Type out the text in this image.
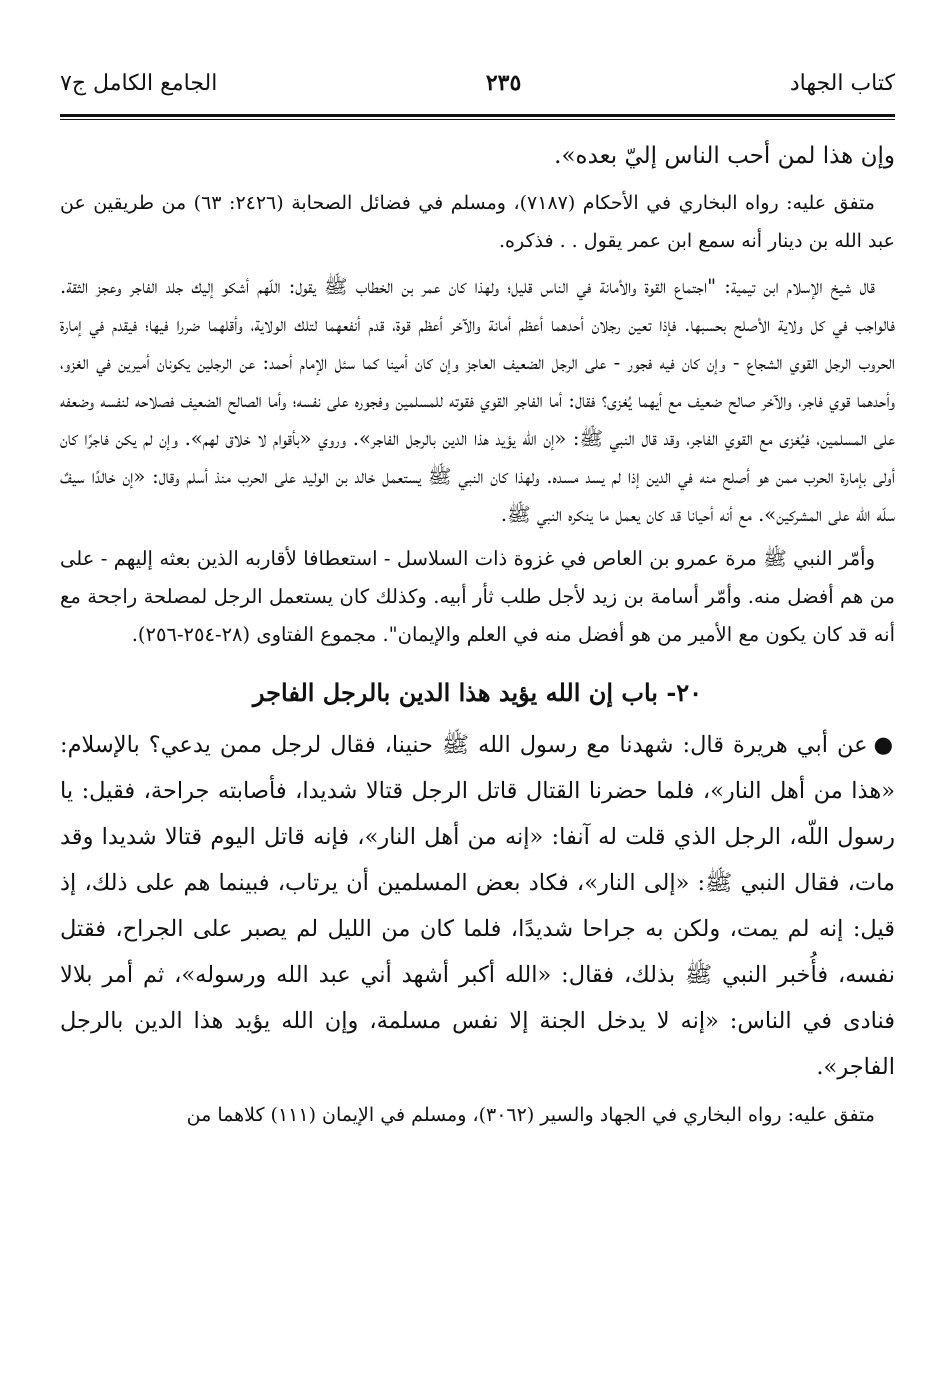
كتاب الجهاد
٢٣٥
الجامع الكامل ج٧

وإن هذا لمن أحب الناس إليّ بعده».

متفق عليه: رواه البخاري في الأحكام (٧١٨٧)، ومسلم في فضائل الصحابة (٢٤٢٦: ٦٣) من طريقين عن عبد الله بن دينار أنه سمع ابن عمر يقول . . فذكره.

قال شيخ الإسلام ابن تيمية: "اجتماع القوة والأمانة في الناس قليل؛ ولهذا كان عمر بن الخطاب ﷺ يقول: اللّهم أشكو إليك جلد الفاجر وعجز الثقة. فالواجب في كل ولاية الأصلح بحسبها. فإذا تعين رجلان أحدهما أعظم أمانة والآخر أعظم قوة، قدم أنفعهما لتلك الولاية، وأقلهما ضررا فيها؛ فيقدم في إمارة الحروب الرجل القوي الشجاع - وإن كان فيه فجور - على الرجل الضعيف العاجز وإن كان أمينا كما سئل الإمام أحمد: عن الرجلين يكونان أميرين في الغزو، وأحدهما قوي فاجر، والآخر صالح ضعيف مع أيهما يُغزى؟ فقال: أما الفاجر القوي فقوته للمسلمين وفجوره على نفسه؛ وأما الصالح الضعيف فصلاحه لنفسه وضعفه على المسلمين، فيُغزى مع القوي الفاجر، وقد قال النبي ﷺ: «إن الله يؤيد هذا الدين بالرجل الفاجر». وروي «بأقوام لا خلاق لهم». وإن لم يكن فاجرًا كان أولى بإمارة الحرب ممن هو أصلح منه في الدين إذا لم يسد مسده. ولهذا كان النبي ﷺ يستعمل خالد بن الوليد على الحرب منذ أسلم وقال: «إن خالدًا سيفٌ سلّه الله على المشركين». مع أنه أحيانا قد كان يعمل ما ينكره النبي ﷺ.

وأمّر النبي ﷺ مرة عمرو بن العاص في غزوة ذات السلاسل - استعطافا لأقاربه الذين بعثه إليهم - على من هم أفضل منه. وأمّر أسامة بن زيد لأجل طلب ثأر أبيه. وكذلك كان يستعمل الرجل لمصلحة راجحة مع أنه قد كان يكون مع الأمير من هو أفضل منه في العلم والإيمان". مجموع الفتاوى (٢٨-٢٥٤-٢٥٦).

٢٠- باب إن الله يؤيد هذا الدين بالرجل الفاجر

●عن أبي هريرة قال: شهدنا مع رسول الله ﷺ حنينا، فقال لرجل ممن يدعي؟ بالإسلام: «هذا من أهل النار»، فلما حضرنا القتال قاتل الرجل قتالا شديدا، فأصابته جراحة، فقيل: يا رسول اللّه، الرجل الذي قلت له آنفا: «إنه من أهل النار»، فإنه قاتل اليوم قتالا شديدا وقد مات، فقال النبي ﷺ: «إلى النار»، فكاد بعض المسلمين أن يرتاب، فبينما هم على ذلك، إذ قيل: إنه لم يمت، ولكن به جراحا شديدًا، فلما كان من الليل لم يصبر على الجراح، فقتل نفسه، فأُخبر النبي ﷺ بذلك، فقال: «الله أكبر أشهد أني عبد الله ورسوله»، ثم أمر بلالا فنادى في الناس: «إنه لا يدخل الجنة إلا نفس مسلمة، وإن الله يؤيد هذا الدين بالرجل الفاجر».

متفق عليه: رواه البخاري في الجهاد والسير (٣٠٦٢)، ومسلم في الإيمان (١١١) كلاهما من
